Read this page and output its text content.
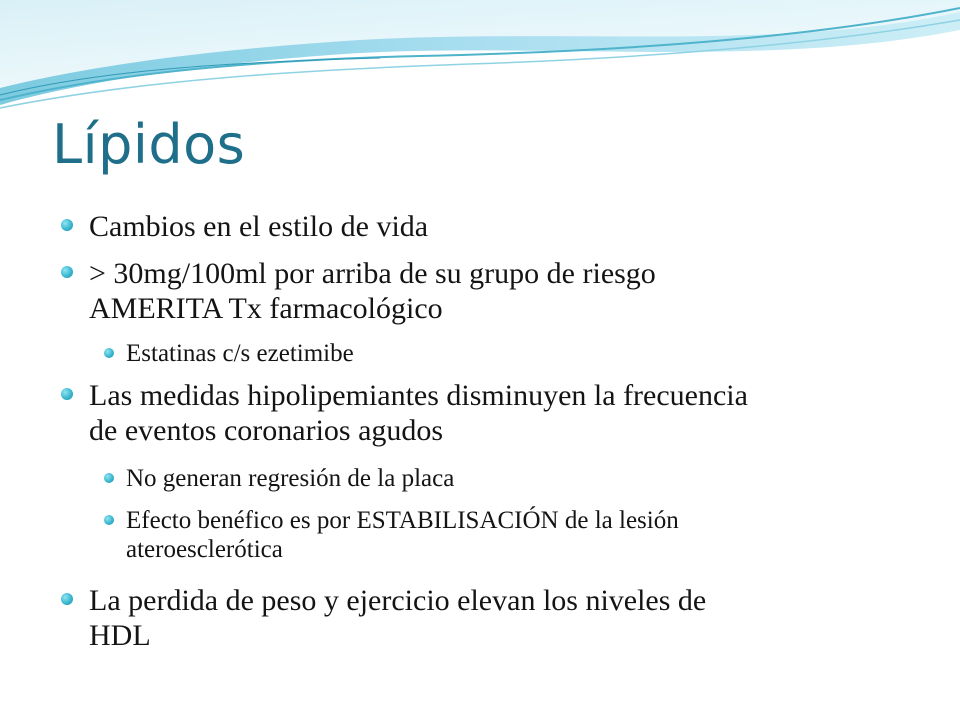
Lípidos
Cambios en el estilo de vida
> 30mg/100ml por arriba de su grupo de riesgo
AMERITA Tx farmacológico
Estatinas c/s ezetimibe
Las medidas hipolipemiantes disminuyen la frecuencia
de eventos coronarios agudos
No generan regresión de la placa
Efecto benéfico es por ESTABILISACIÓN de la lesión
ateroesclerótica
La perdida de peso y ejercicio elevan los niveles de
HDL
